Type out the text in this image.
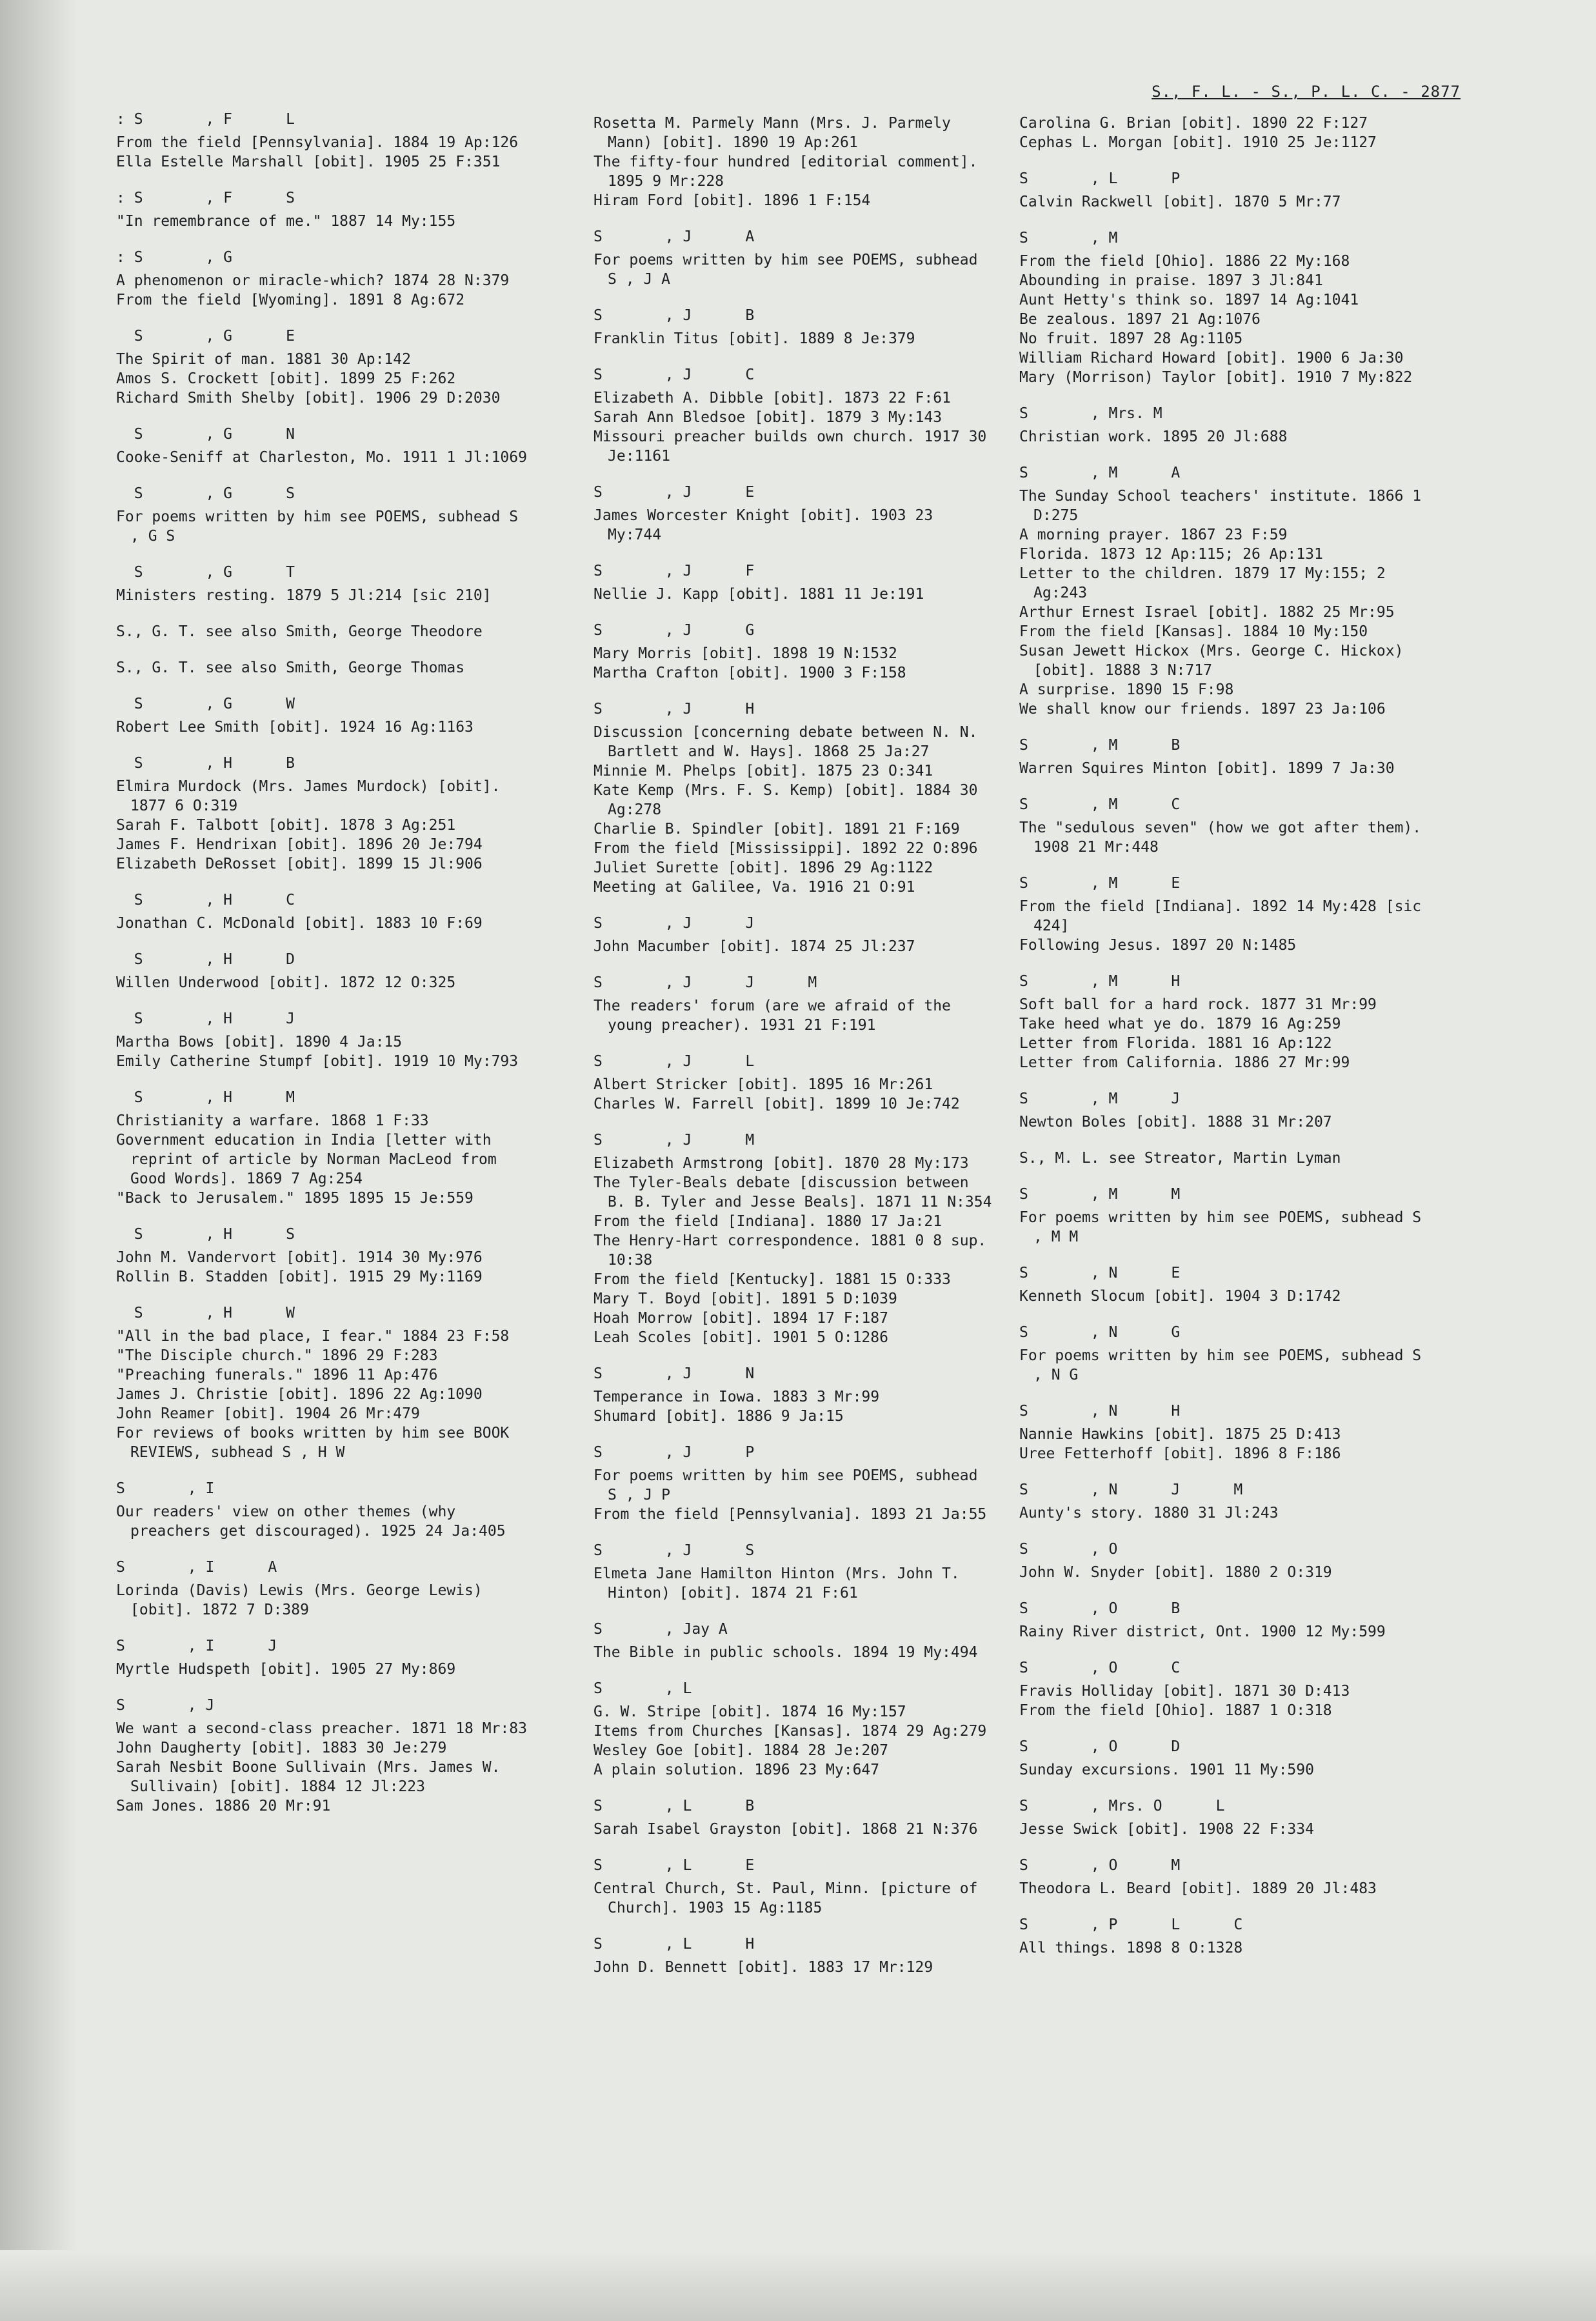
S., F. L. - S., P. L. C. - 2877
: S       , F      L
From the field [Pennsylvania]. 1884 19 Ap:126
Ella Estelle Marshall [obit]. 1905 25 F:351
: S       , F      S
"In remembrance of me." 1887 14 My:155
: S       , G
A phenomenon or miracle-which? 1874 28 N:379
From the field [Wyoming]. 1891 8 Ag:672
S       , G      E
The Spirit of man. 1881 30 Ap:142
Amos S. Crockett [obit]. 1899 25 F:262
Richard Smith Shelby [obit]. 1906 29 D:2030
S       , G      N
Cooke-Seniff at Charleston, Mo. 1911 1 Jl:1069
S       , G      S
For poems written by him see POEMS, subhead S , G S
S       , G      T
Ministers resting. 1879 5 Jl:214 [sic 210]
S., G. T. see also Smith, George Theodore
S., G. T. see also Smith, George Thomas
S       , G      W
Robert Lee Smith [obit]. 1924 16 Ag:1163
S       , H      B
Elmira Murdock (Mrs. James Murdock) [obit]. 1877 6 O:319
Sarah F. Talbott [obit]. 1878 3 Ag:251
James F. Hendrixan [obit]. 1896 20 Je:794
Elizabeth DeRosset [obit]. 1899 15 Jl:906
S       , H      C
Jonathan C. McDonald [obit]. 1883 10 F:69
S       , H      D
Willen Underwood [obit]. 1872 12 O:325
S       , H      J
Martha Bows [obit]. 1890 4 Ja:15
Emily Catherine Stumpf [obit]. 1919 10 My:793
S       , H      M
Christianity a warfare. 1868 1 F:33
Government education in India [letter with reprint of article by Norman MacLeod from Good Words]. 1869 7 Ag:254
"Back to Jerusalem." 1895 1895 15 Je:559
S       , H      S
John M. Vandervort [obit]. 1914 30 My:976
Rollin B. Stadden [obit]. 1915 29 My:1169
S       , H      W
"All in the bad place, I fear." 1884 23 F:58
"The Disciple church." 1896 29 F:283
"Preaching funerals." 1896 11 Ap:476
James J. Christie [obit]. 1896 22 Ag:1090
John Reamer [obit]. 1904 26 Mr:479
For reviews of books written by him see BOOK REVIEWS, subhead S , H W
S       , I
Our readers' view on other themes (why preachers get discouraged). 1925 24 Ja:405
S       , I      A
Lorinda (Davis) Lewis (Mrs. George Lewis) [obit]. 1872 7 D:389
S       , I      J
Myrtle Hudspeth [obit]. 1905 27 My:869
S       , J
We want a second-class preacher. 1871 18 Mr:83
John Daugherty [obit]. 1883 30 Je:279
Sarah Nesbit Boone Sullivain (Mrs. James W. Sullivain) [obit]. 1884 12 Jl:223
Sam Jones. 1886 20 Mr:91
Rosetta M. Parmely Mann (Mrs. J. Parmely Mann) [obit]. 1890 19 Ap:261
The fifty-four hundred [editorial comment]. 1895 9 Mr:228
Hiram Ford [obit]. 1896 1 F:154
S       , J      A
For poems written by him see POEMS, subhead S , J A
S       , J      B
Franklin Titus [obit]. 1889 8 Je:379
S       , J      C
Elizabeth A. Dibble [obit]. 1873 22 F:61
Sarah Ann Bledsoe [obit]. 1879 3 My:143
Missouri preacher builds own church. 1917 30 Je:1161
S       , J      E
James Worcester Knight [obit]. 1903 23 My:744
S       , J      F
Nellie J. Kapp [obit]. 1881 11 Je:191
S       , J      G
Mary Morris [obit]. 1898 19 N:1532
Martha Crafton [obit]. 1900 3 F:158
S       , J      H
Discussion [concerning debate between N. N. Bartlett and W. Hays]. 1868 25 Ja:27
Minnie M. Phelps [obit]. 1875 23 O:341
Kate Kemp (Mrs. F. S. Kemp) [obit]. 1884 30 Ag:278
Charlie B. Spindler [obit]. 1891 21 F:169
From the field [Mississippi]. 1892 22 O:896
Juliet Surette [obit]. 1896 29 Ag:1122
Meeting at Galilee, Va. 1916 21 O:91
S       , J      J
John Macumber [obit]. 1874 25 Jl:237
S       , J      J      M
The readers' forum (are we afraid of the young preacher). 1931 21 F:191
S       , J      L
Albert Stricker [obit]. 1895 16 Mr:261
Charles W. Farrell [obit]. 1899 10 Je:742
S       , J      M
Elizabeth Armstrong [obit]. 1870 28 My:173
The Tyler-Beals debate [discussion between B. B. Tyler and Jesse Beals]. 1871 11 N:354
From the field [Indiana]. 1880 17 Ja:21
The Henry-Hart correspondence. 1881 0 8 sup. 10:38
From the field [Kentucky]. 1881 15 O:333
Mary T. Boyd [obit]. 1891 5 D:1039
Hoah Morrow [obit]. 1894 17 F:187
Leah Scoles [obit]. 1901 5 O:1286
S       , J      N
Temperance in Iowa. 1883 3 Mr:99
Shumard [obit]. 1886 9 Ja:15
S       , J      P
For poems written by him see POEMS, subhead S , J P
From the field [Pennsylvania]. 1893 21 Ja:55
S       , J      S
Elmeta Jane Hamilton Hinton (Mrs. John T. Hinton) [obit]. 1874 21 F:61
S       , Jay A
The Bible in public schools. 1894 19 My:494
S       , L
G. W. Stripe [obit]. 1874 16 My:157
Items from Churches [Kansas]. 1874 29 Ag:279
Wesley Goe [obit]. 1884 28 Je:207
A plain solution. 1896 23 My:647
S       , L      B
Sarah Isabel Grayston [obit]. 1868 21 N:376
S       , L      E
Central Church, St. Paul, Minn. [picture of Church]. 1903 15 Ag:1185
S       , L      H
John D. Bennett [obit]. 1883 17 Mr:129
Carolina G. Brian [obit]. 1890 22 F:127
Cephas L. Morgan [obit]. 1910 25 Je:1127
S       , L      P
Calvin Rackwell [obit]. 1870 5 Mr:77
S       , M
From the field [Ohio]. 1886 22 My:168
Abounding in praise. 1897 3 Jl:841
Aunt Hetty's think so. 1897 14 Ag:1041
Be zealous. 1897 21 Ag:1076
No fruit. 1897 28 Ag:1105
William Richard Howard [obit]. 1900 6 Ja:30
Mary (Morrison) Taylor [obit]. 1910 7 My:822
S       , Mrs. M
Christian work. 1895 20 Jl:688
S       , M      A
The Sunday School teachers' institute. 1866 1 D:275
A morning prayer. 1867 23 F:59
Florida. 1873 12 Ap:115; 26 Ap:131
Letter to the children. 1879 17 My:155; 2 Ag:243
Arthur Ernest Israel [obit]. 1882 25 Mr:95
From the field [Kansas]. 1884 10 My:150
Susan Jewett Hickox (Mrs. George C. Hickox) [obit]. 1888 3 N:717
A surprise. 1890 15 F:98
We shall know our friends. 1897 23 Ja:106
S       , M      B
Warren Squires Minton [obit]. 1899 7 Ja:30
S       , M      C
The "sedulous seven" (how we got after them). 1908 21 Mr:448
S       , M      E
From the field [Indiana]. 1892 14 My:428 [sic 424]
Following Jesus. 1897 20 N:1485
S       , M      H
Soft ball for a hard rock. 1877 31 Mr:99
Take heed what ye do. 1879 16 Ag:259
Letter from Florida. 1881 16 Ap:122
Letter from California. 1886 27 Mr:99
S       , M      J
Newton Boles [obit]. 1888 31 Mr:207
S., M. L. see Streator, Martin Lyman
S       , M      M
For poems written by him see POEMS, subhead S , M M
S       , N      E
Kenneth Slocum [obit]. 1904 3 D:1742
S       , N      G
For poems written by him see POEMS, subhead S , N G
S       , N      H
Nannie Hawkins [obit]. 1875 25 D:413
Uree Fetterhoff [obit]. 1896 8 F:186
S       , N      J      M
Aunty's story. 1880 31 Jl:243
S       , O
John W. Snyder [obit]. 1880 2 O:319
S       , O      B
Rainy River district, Ont. 1900 12 My:599
S       , O      C
Fravis Holliday [obit]. 1871 30 D:413
From the field [Ohio]. 1887 1 O:318
S       , O      D
Sunday excursions. 1901 11 My:590
S       , Mrs. O      L
Jesse Swick [obit]. 1908 22 F:334
S       , O      M
Theodora L. Beard [obit]. 1889 20 Jl:483
S       , P      L      C
All things. 1898 8 O:1328
